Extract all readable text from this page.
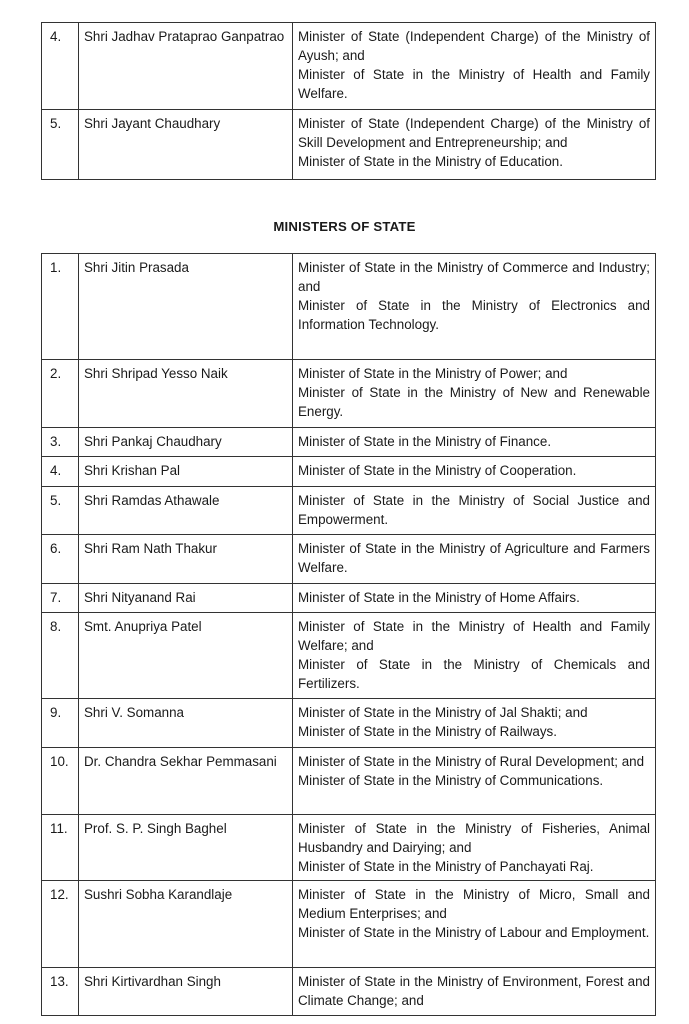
4.	Shri Jadhav Prataprao Ganpatrao	Minister of State (Independent Charge) of the Ministry of Ayush; and
Minister of State in the Ministry of Health and Family Welfare.

5.	Shri Jayant Chaudhary	Minister of State (Independent Charge) of the Ministry of Skill Development and Entrepreneurship; and
Minister of State in the Ministry of Education.
MINISTERS OF STATE
1.	Shri Jitin Prasada	Minister of State in the Ministry of Commerce and Industry; and
Minister of State in the Ministry of Electronics and Information Technology.

2.	Shri Shripad Yesso Naik	Minister of State in the Ministry of Power; and
Minister of State in the Ministry of New and Renewable Energy.

3.	Shri Pankaj Chaudhary	Minister of State in the Ministry of Finance.

4.	Shri Krishan Pal	Minister of State in the Ministry of Cooperation.

5.	Shri Ramdas Athawale	Minister of State in the Ministry of Social Justice and Empowerment.

6.	Shri Ram Nath Thakur	Minister of State in the Ministry of Agriculture and Farmers Welfare.

7.	Shri Nityanand Rai	Minister of State in the Ministry of Home Affairs.

8.	Smt. Anupriya Patel	Minister of State in the Ministry of Health and Family Welfare; and
Minister of State in the Ministry of Chemicals and Fertilizers.

9.	Shri V. Somanna	Minister of State in the Ministry of Jal Shakti; and
Minister of State in the Ministry of Railways.

10.	Dr. Chandra Sekhar Pemmasani	Minister of State in the Ministry of Rural Development; and
Minister of State in the Ministry of Communications.

11.	Prof. S. P. Singh Baghel	Minister of State in the Ministry of Fisheries, Animal Husbandry and Dairying; and
Minister of State in the Ministry of Panchayati Raj.

12.	Sushri Sobha Karandlaje	Minister of State in the Ministry of Micro, Small and Medium Enterprises; and
Minister of State in the Ministry of Labour and Employment.

13.	Shri Kirtivardhan Singh	Minister of State in the Ministry of Environment, Forest and Climate Change; and
